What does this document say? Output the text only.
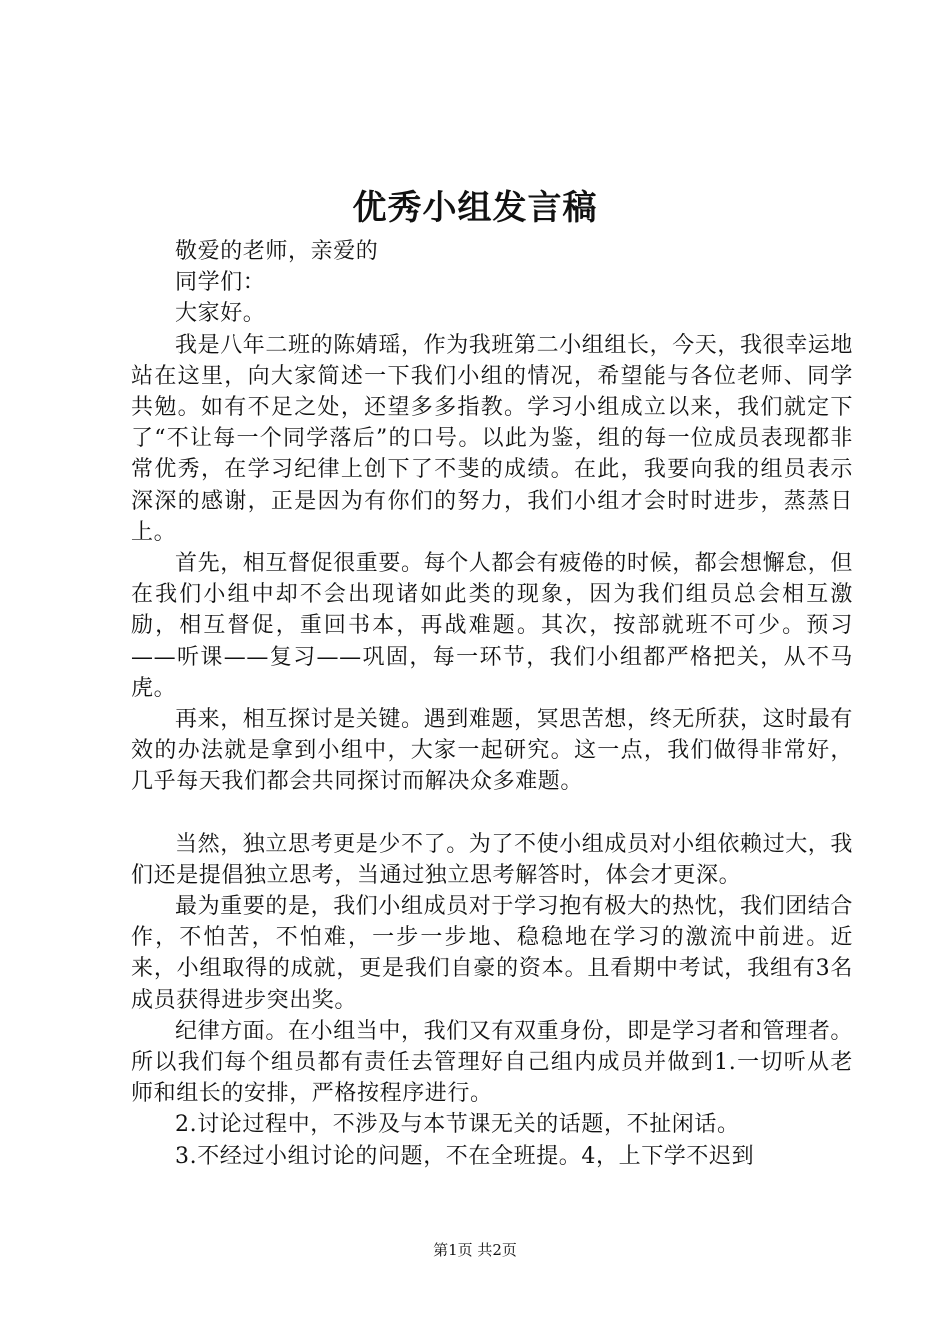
优秀小组发言稿

敬爱的老师，亲爱的

同学们：

大家好。

我是八年二班的陈婧瑶，作为我班第二小组组长，今天，我很幸运地站在这里，向大家简述一下我们小组的情况，希望能与各位老师、同学共勉。如有不足之处，还望多多指教。学习小组成立以来，我们就定下了“不让每一个同学落后”的口号。以此为鉴，组的每一位成员表现都非常优秀，在学习纪律上创下了不斐的成绩。在此，我要向我的组员表示深深的感谢，正是因为有你们的努力，我们小组才会时时进步，蒸蒸日上。

首先，相互督促很重要。每个人都会有疲倦的时候，都会想懈怠，但在我们小组中却不会出现诸如此类的现象，因为我们组员总会相互激励，相互督促，重回书本，再战难题。其次，按部就班不可少。预习——听课——复习——巩固，每一环节，我们小组都严格把关，从不马虎。

再来，相互探讨是关键。遇到难题，冥思苦想，终无所获，这时最有效的办法就是拿到小组中，大家一起研究。这一点，我们做得非常好，几乎每天我们都会共同探讨而解决众多难题。

当然，独立思考更是少不了。为了不使小组成员对小组依赖过大，我们还是提倡独立思考，当通过独立思考解答时，体会才更深。

最为重要的是，我们小组成员对于学习抱有极大的热忱，我们团结合作，不怕苦，不怕难，一步一步地、稳稳地在学习的激流中前进。近来，小组取得的成就，更是我们自豪的资本。且看期中考试，我组有3名成员获得进步突出奖。

纪律方面。在小组当中，我们又有双重身份，即是学习者和管理者。所以我们每个组员都有责任去管理好自己组内成员并做到1.一切听从老师和组长的安排，严格按程序进行。

2.讨论过程中，不涉及与本节课无关的话题，不扯闲话。

3.不经过小组讨论的问题，不在全班提。4，上下学不迟到

第1页 共2页
